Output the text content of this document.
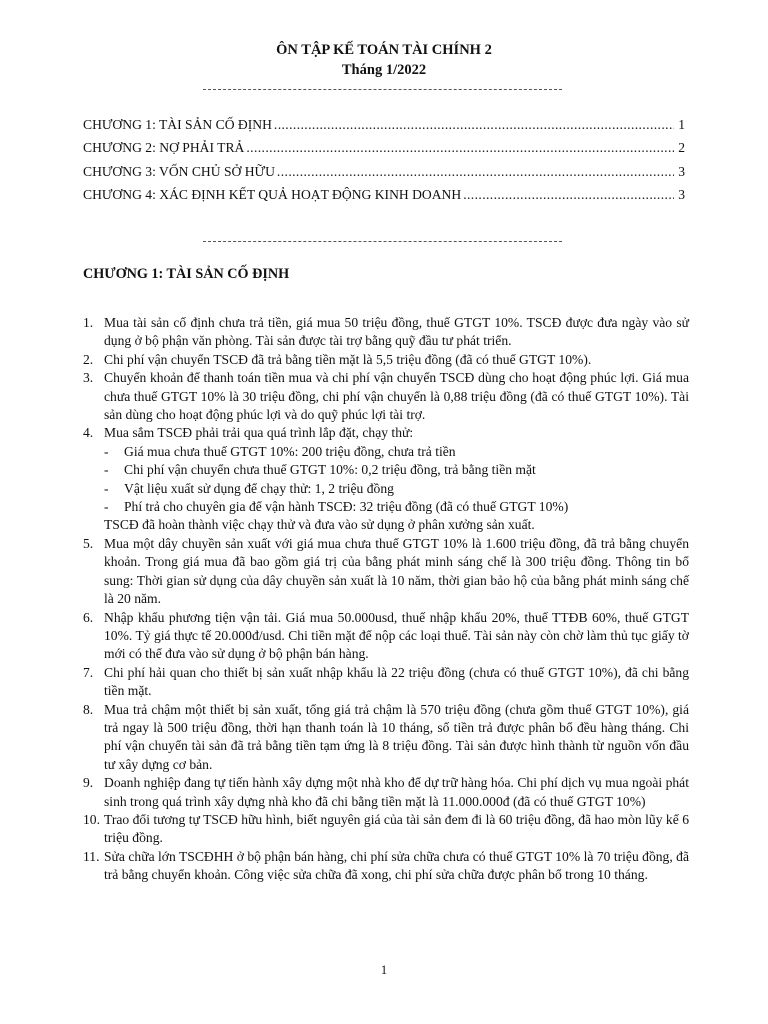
ÔN TẬP KẾ TOÁN TÀI CHÍNH 2
Tháng 1/2022
CHƯƠNG 1: TÀI SẢN CỐ ĐỊNH .....	1
CHƯƠNG 2: NỢ PHẢI TRẢ .....	2
CHƯƠNG 3: VỐN CHỦ SỞ HỮU .....	3
CHƯƠNG 4: XÁC ĐỊNH KẾT QUẢ HOẠT ĐỘNG KINH DOANH .....	3
CHƯƠNG 1: TÀI SẢN CỐ ĐỊNH
1. Mua tài sản cố định chưa trả tiền, giá mua 50 triệu đồng, thuế GTGT 10%. TSCĐ được đưa ngày vào sử dụng ở bộ phận văn phòng. Tài sản được tài trợ bằng quỹ đầu tư phát triển.
2. Chi phí vận chuyển TSCĐ đã trả bằng tiền mặt là 5,5 triệu đồng (đã có thuế GTGT 10%).
3. Chuyển khoản để thanh toán tiền mua và chi phí vận chuyển TSCĐ dùng cho hoạt động phúc lợi. Giá mua chưa thuế GTGT 10% là 30 triệu đồng, chi phí vận chuyển là 0,88 triệu đồng (đã có thuế GTGT 10%). Tài sản dùng cho hoạt động phúc lợi và do quỹ phúc lợi tài trợ.
4. Mua sắm TSCĐ phải trải qua quá trình lắp đặt, chạy thử:
-	Giá mua chưa thuế GTGT 10%: 200 triệu đồng, chưa trả tiền
-	Chi phí vận chuyển chưa thuế GTGT 10%: 0,2 triệu đồng, trả bằng tiền mặt
-	Vật liệu xuất sử dụng để chạy thử: 1, 2 triệu đồng
-	Phí trả cho chuyên gia để vận hành TSCĐ: 32 triệu đồng (đã có thuế GTGT 10%)
TSCĐ đã hoàn thành việc chạy thử và đưa vào sử dụng ở phân xưởng sản xuất.
5. Mua một dây chuyền sản xuất với giá mua chưa thuế GTGT 10% là 1.600 triệu đồng, đã trả bằng chuyển khoản. Trong giá mua đã bao gồm giá trị của bằng phát minh sáng chế là 300 triệu đồng. Thông tin bổ sung: Thời gian sử dụng của dây chuyền sản xuất là 10 năm, thời gian bảo hộ của bằng phát minh sáng chế là 20 năm.
6. Nhập khẩu phương tiện vận tải. Giá mua 50.000usd, thuế nhập khẩu 20%, thuế TTĐB 60%, thuế GTGT 10%. Tỷ giá thực tế 20.000đ/usd. Chi tiền mặt để nộp các loại thuế. Tài sản này còn chờ làm thủ tục giấy tờ mới có thể đưa vào sử dụng ở bộ phận bán hàng.
7. Chi phí hải quan cho thiết bị sản xuất nhập khẩu là 22 triệu đồng (chưa có thuế GTGT 10%), đã chi bằng tiền mặt.
8. Mua trả chậm một thiết bị sản xuất, tổng giá trả chậm là 570 triệu đồng (chưa gồm thuế GTGT 10%), giá trả ngay là 500 triệu đồng, thời hạn thanh toán là 10 tháng, số tiền trả được phân bổ đều hàng tháng. Chi phí vận chuyển tài sản đã trả bằng tiền tạm ứng là 8 triệu đồng. Tài sản được hình thành từ nguồn vốn đầu tư xây dựng cơ bản.
9. Doanh nghiệp đang tự tiến hành xây dựng một nhà kho để dự trữ hàng hóa. Chi phí dịch vụ mua ngoài phát sinh trong quá trình xây dựng nhà kho đã chi bằng tiền mặt là 11.000.000đ (đã có thuế GTGT 10%)
10. Trao đổi tương tự TSCĐ hữu hình, biết nguyên giá của tài sản đem đi là 60 triệu đồng, đã hao mòn lũy kế 6 triệu đồng.
11. Sửa chữa lớn TSCĐHH ở bộ phận bán hàng, chi phí sửa chữa chưa có thuế GTGT 10% là 70 triệu đồng, đã trả bằng chuyển khoản. Công việc sửa chữa đã xong, chi phí sửa chữa được phân bổ trong 10 tháng.
1
